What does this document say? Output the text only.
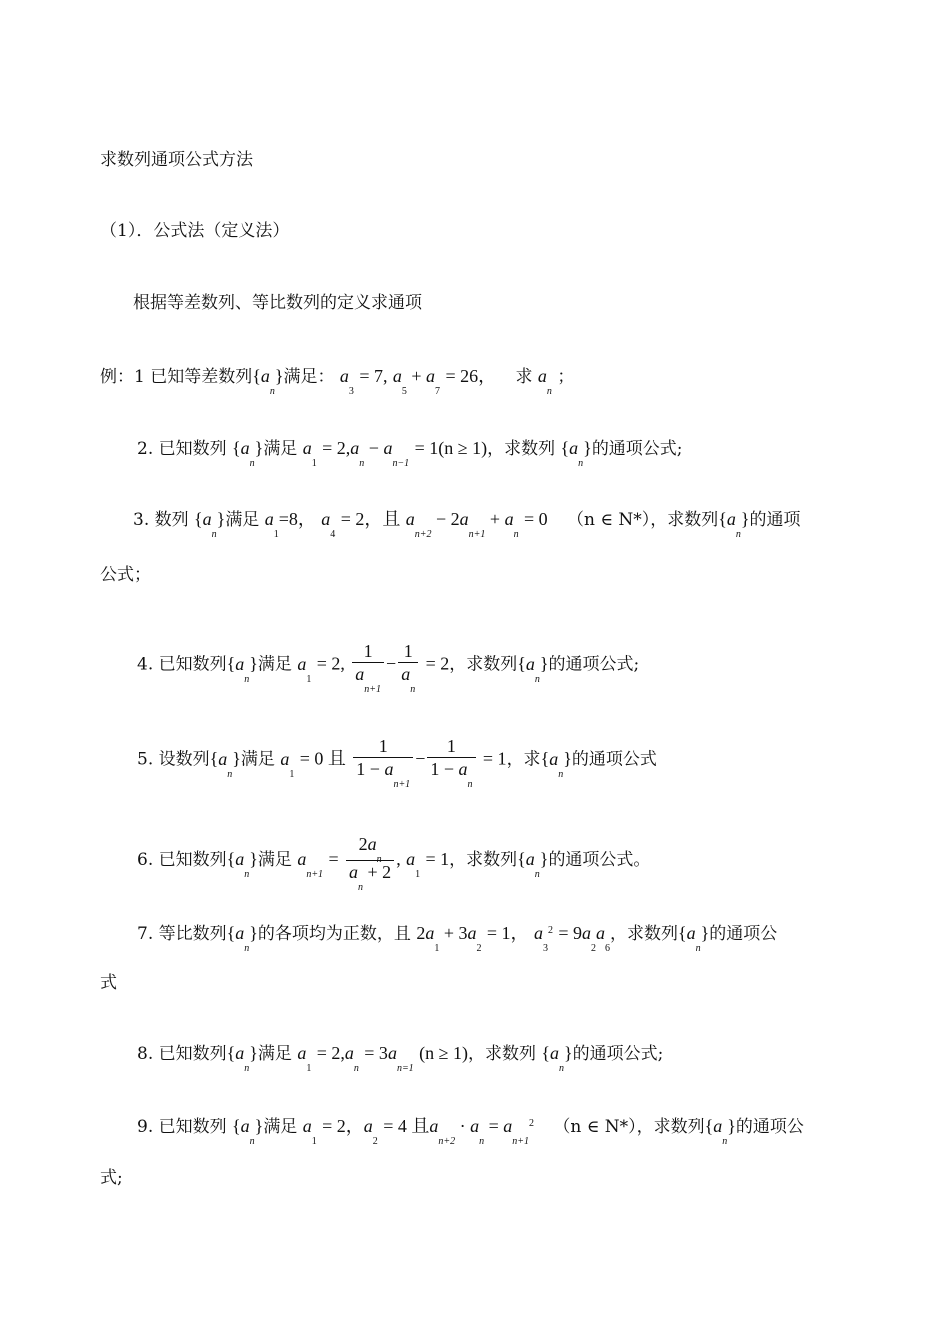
求数列通项公式方法
（1）．公式法（定义法）
根据等差数列、等比数列的定义求通项
例：1 已知等差数列$\{a_n\}$满足： $a_3 = 7$, $a_5 + a_7 = 26$， 求 $a_n$ ；
2. 已知数列 $\{a_n\}$满足 $a_1 = 2,a_n - a_{n-1} = 1(n \ge 1)$，求数列 $\{a_n\}$的通项公式;
3. 数列 $\{a_n\}$满足 $a_1=8$， $a_4 = 2$，且 $a_{n+2} - 2a_{n+1} + a_n = 0$ （n ∈ N*），求数列$\{a_n\}$的通项
公式；
4. 已知数列$\{a_n\}$满足 $a_1 = 2$, $\frac{1}{a_{n+1}} - \frac{1}{a_n} = 2$，求数列$\{a_n\}$的通项公式;
5. 设数列$\{a_n\}$满足 $a_1 = 0$ 且 $\frac{1}{1 - a_{n+1}} - \frac{1}{1 - a_n} = 1$，求$\{a_n\}$的通项公式
6. 已知数列$\{a_n\}$满足 $a_{n+1} = \frac{2a_n}{a_n + 2}$ , $a_1 = 1$，求数列$\{a_n\}$的通项公式。
7. 等比数列$\{a_n\}$的各项均为正数，且 $2a_1 + 3a_2 = 1$， $a_3^2 = 9a_2a_6$，求数列$\{a_n\}$的通项公
式
8. 已知数列$\{a_n\}$满足 $a_1 = 2,a_n = 3a_{n=1}$ (n ≥ 1)，求数列 $\{a_n\}$的通项公式;
9. 已知数列 $\{a_n\}$满足 $a_1 = 2$，$a_2 = 4$ 且$a_{n+2} \cdot a_n = a_{n+1}^2$ （n ∈ N*），求数列$\{a_n\}$的通项公
式;
